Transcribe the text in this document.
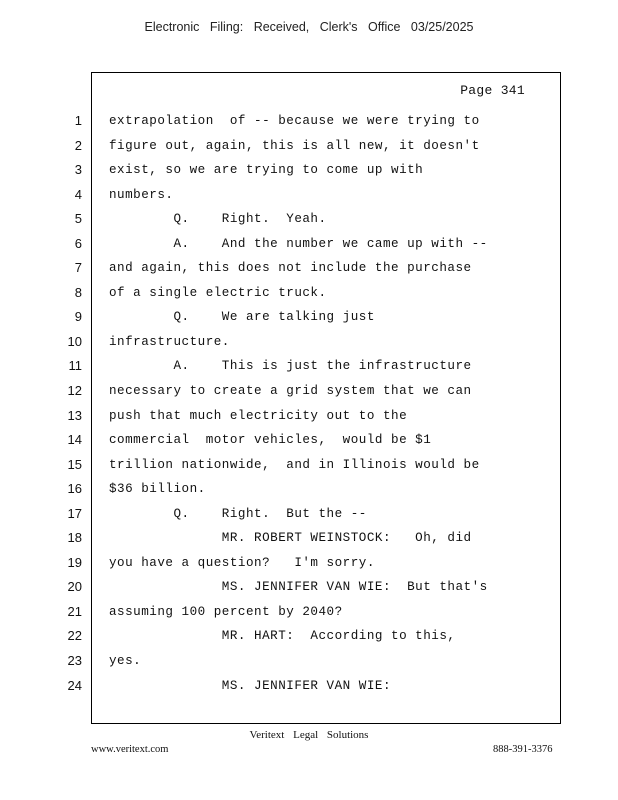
Electronic Filing: Received, Clerk's Office 03/25/2025
Page 341
1
2
3
4
5
6
7
8
9
10
11
12
13
14
15
16
17
18
19
20
21
22
23
24
extrapolation  of -- because we were trying to
figure out, again, this is all new, it doesn't
exist, so we are trying to come up with
numbers.
Q.    Right.  Yeah.
A.    And the number we came up with --
and again, this does not include the purchase
of a single electric truck.
Q.    We are talking just
infrastructure.
A.    This is just the infrastructure
necessary to create a grid system that we can
push that much electricity out to the
commercial  motor vehicles,  would be $1
trillion nationwide,  and in Illinois would be
$36 billion.
Q.    Right.  But the --
MR. ROBERT WEINSTOCK:   Oh, did
you have a question?   I'm sorry.
MS. JENNIFER VAN WIE:  But that's
assuming 100 percent by 2040?
MR. HART:  According to this,
yes.
MS. JENNIFER VAN WIE:
Veritext Legal Solutions
www.veritext.com	888-391-3376
